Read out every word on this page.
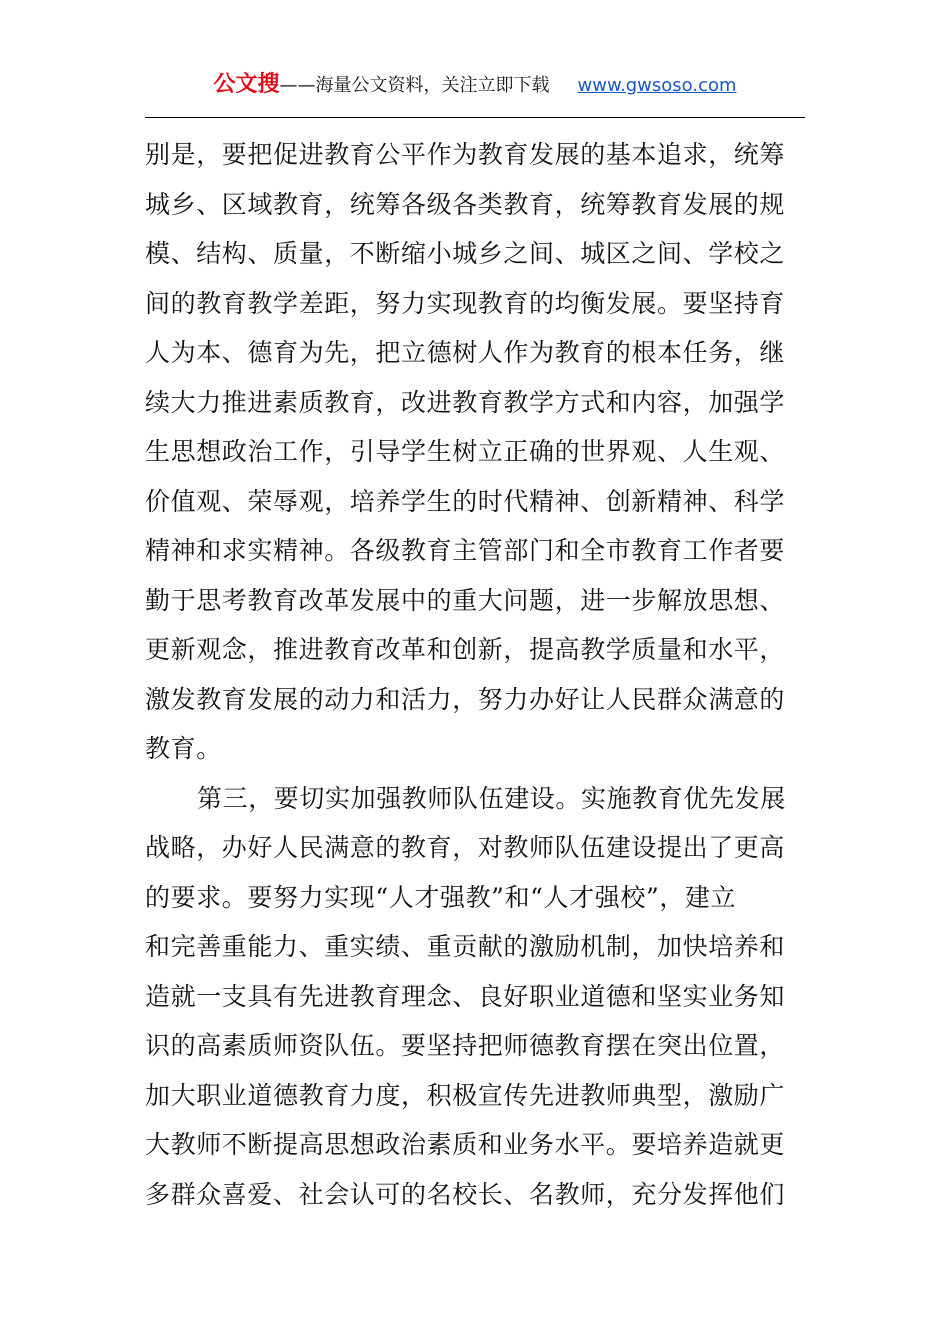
公文搜——海量公文资料，关注立即下载 www.gwsoso.com
别是，要把促进教育公平作为教育发展的基本追求，统筹
城乡、区域教育，统筹各级各类教育，统筹教育发展的规
模、结构、质量，不断缩小城乡之间、城区之间、学校之
间的教育教学差距，努力实现教育的均衡发展。要坚持育
人为本、德育为先，把立德树人作为教育的根本任务，继
续大力推进素质教育，改进教育教学方式和内容，加强学
生思想政治工作，引导学生树立正确的世界观、人生观、
价值观、荣辱观，培养学生的时代精神、创新精神、科学
精神和求实精神。各级教育主管部门和全市教育工作者要
勤于思考教育改革发展中的重大问题，进一步解放思想、
更新观念，推进教育改革和创新，提高教学质量和水平，
激发教育发展的动力和活力，努力办好让人民群众满意的
教育。
第三，要切实加强教师队伍建设。实施教育优先发展
战略，办好人民满意的教育，对教师队伍建设提出了更高
的要求。要努力实现“人才强教”和“人才强校”，建立
和完善重能力、重实绩、重贡献的激励机制，加快培养和
造就一支具有先进教育理念、良好职业道德和坚实业务知
识的高素质师资队伍。要坚持把师德教育摆在突出位置，
加大职业道德教育力度，积极宣传先进教师典型，激励广
大教师不断提高思想政治素质和业务水平。要培养造就更
多群众喜爱、社会认可的名校长、名教师，充分发挥他们
